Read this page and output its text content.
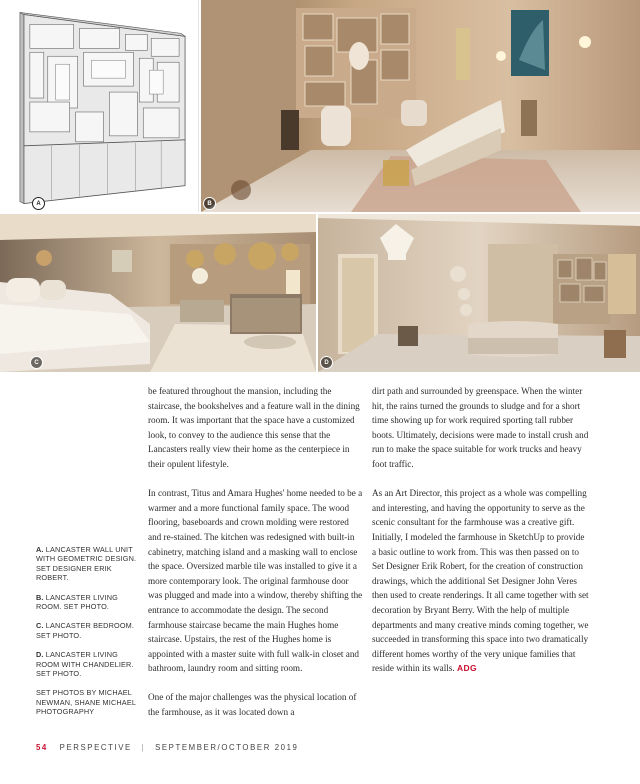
A	B
C	D
A. LANCASTER WALL UNIT WITH GEOMETRIC DESIGN. SET DESIGNER ERIK ROBERT.
B. LANCASTER LIVING ROOM. SET PHOTO.
C. LANCASTER BEDROOM. SET PHOTO.
D. LANCASTER LIVING ROOM WITH CHANDELIER. SET PHOTO.
SET PHOTOS BY MICHAEL NEWMAN, SHANE MICHAEL PHOTOGRAPHY

be featured throughout the mansion, including the staircase, the bookshelves and a feature wall in the dining room. It was important that the space have a customized look, to convey to the audience this sense that the Lancasters really view their home as the centerpiece in their opulent lifestyle.

In contrast, Titus and Amara Hughes' home needed to be a warmer and a more functional family space. The wood flooring, baseboards and crown molding were restored and re-stained. The kitchen was redesigned with built-in cabinetry, matching island and a masking wall to enclose the space. Oversized marble tile was installed to give it a more contemporary look. The original farmhouse door was plugged and made into a window, thereby shifting the entrance to accommodate the design. The second farmhouse staircase became the main Hughes home staircase. Upstairs, the rest of the Hughes home is appointed with a master suite with full walk-in closet and bathroom, laundry room and sitting room.

One of the major challenges was the physical location of the farmhouse, as it was located down a

dirt path and surrounded by greenspace. When the winter hit, the rains turned the grounds to sludge and for a short time showing up for work required sporting tall rubber boots. Ultimately, decisions were made to install crush and run to make the space suitable for work trucks and heavy foot traffic.

As an Art Director, this project as a whole was compelling and interesting, and having the opportunity to serve as the scenic consultant for the farmhouse was a creative gift. Initially, I modeled the farmhouse in SketchUp to provide a basic outline to work from. This was then passed on to Set Designer Erik Robert, for the creation of construction drawings, which the additional Set Designer John Veres then used to create renderings. It all came together with set decoration by Bryant Berry. With the help of multiple departments and many creative minds coming together, we succeeded in transforming this space into two dramatically different homes worthy of the very unique families that reside within its walls. ADG

54 PERSPECTIVE | SEPTEMBER/OCTOBER 2019
